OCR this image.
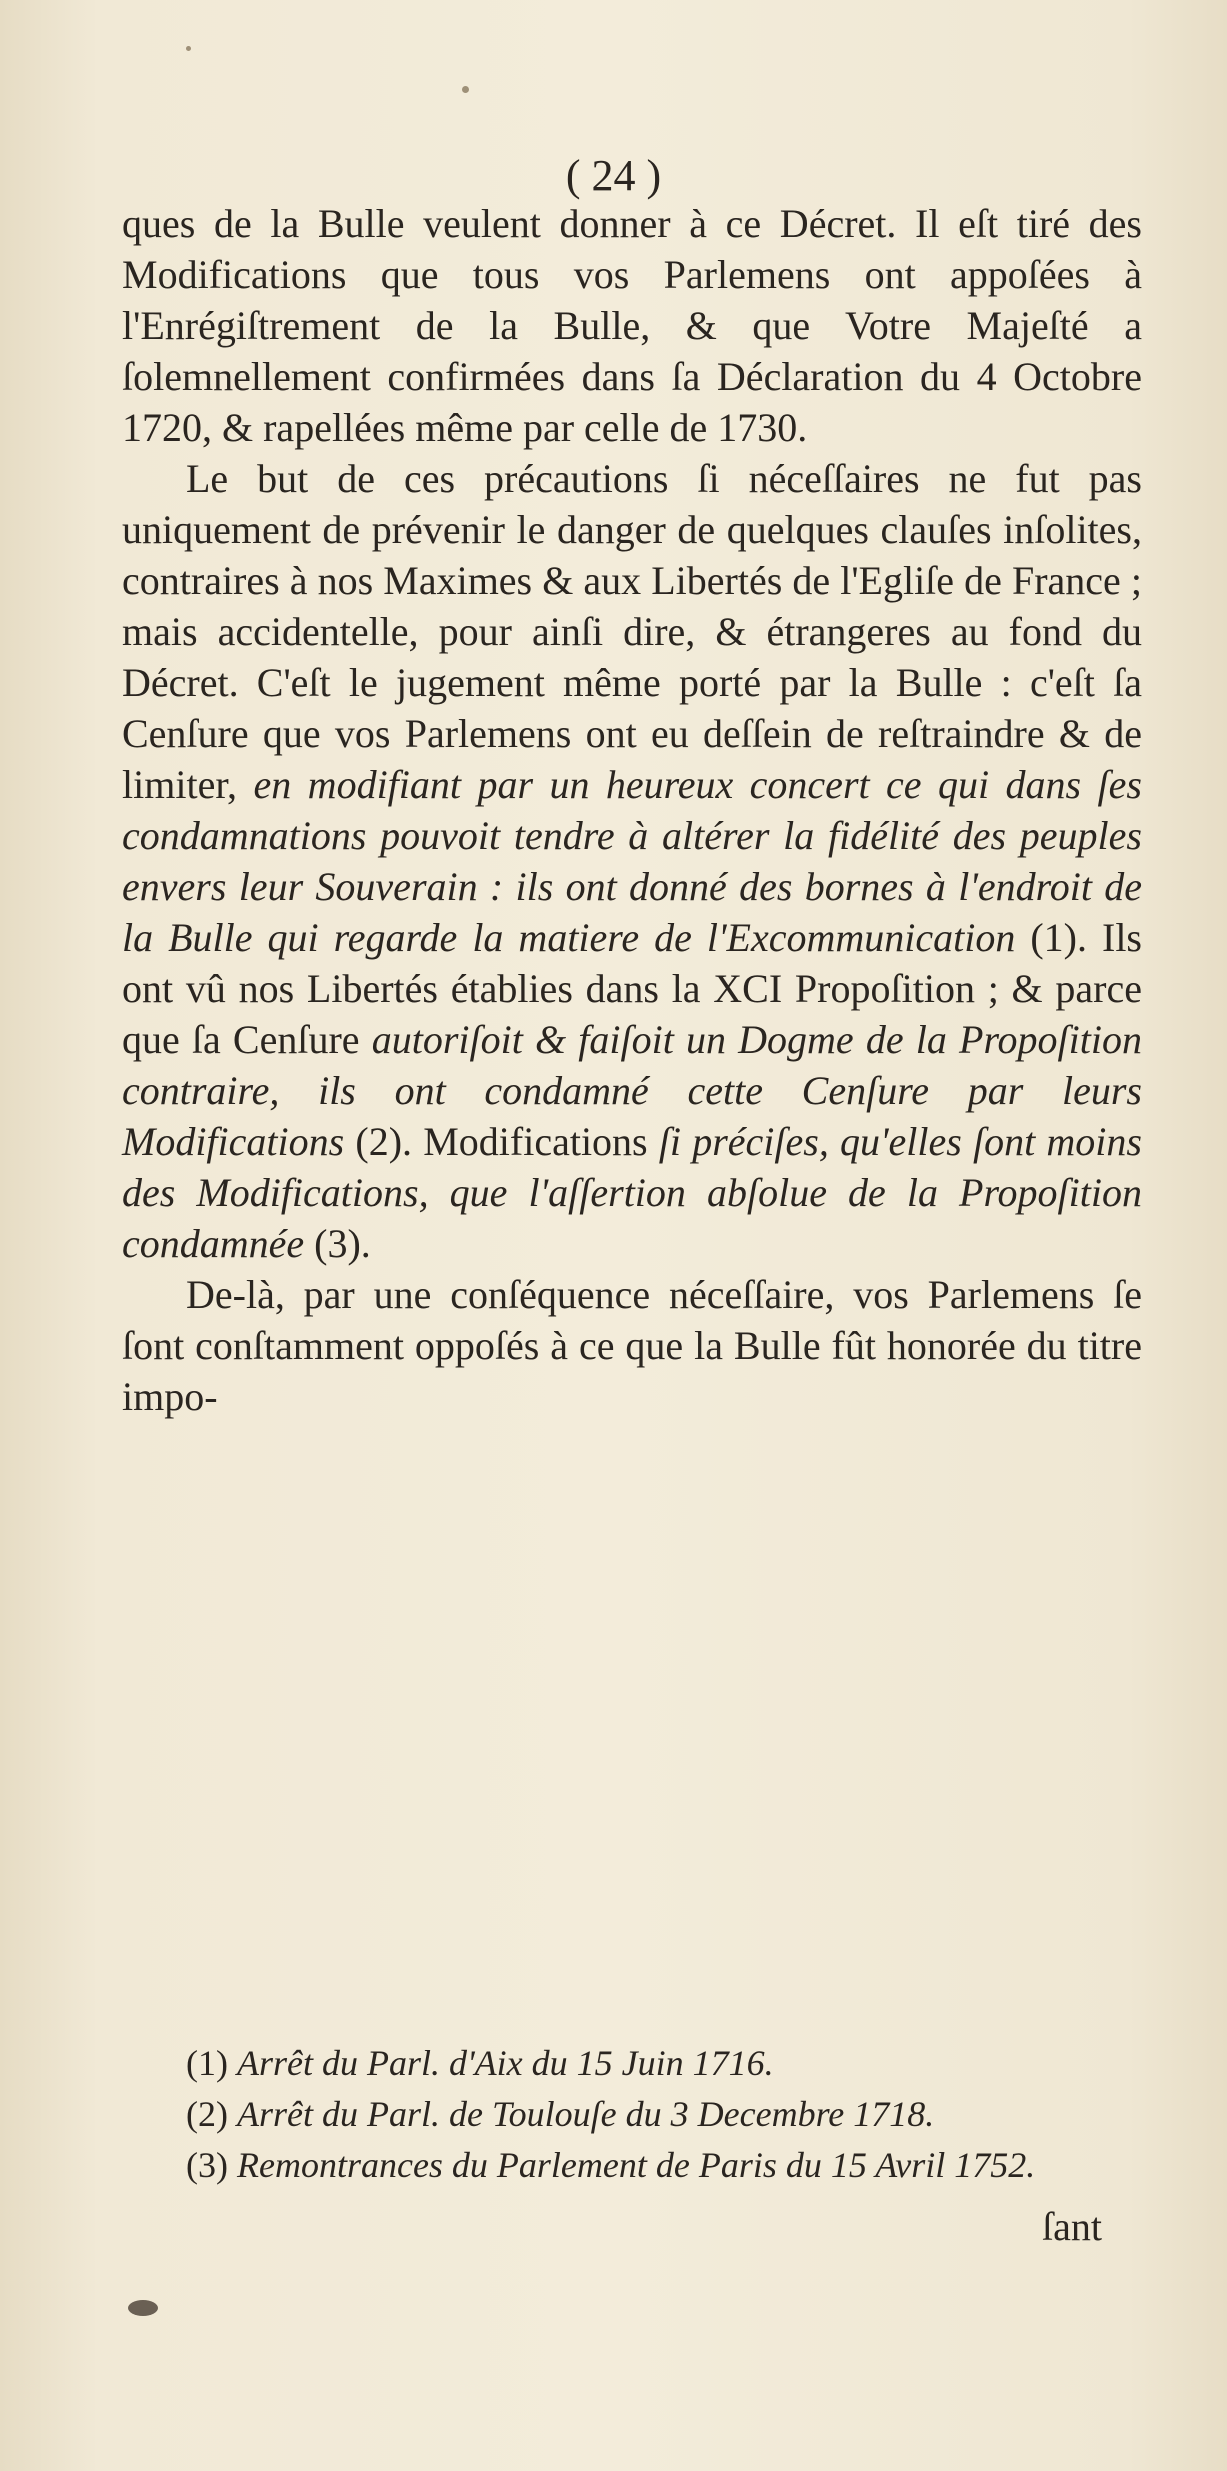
( 24 )

ques de la Bulle veulent donner à ce Décret. Il eſt tiré des Modifications que tous vos Parlemens ont appoſées à l'Enrégiſtrement de la Bulle, & que Votre Majeſté a ſolemnellement confirmées dans ſa Déclaration du 4 Octobre 1720, & rapellées même par celle de 1730.

Le but de ces précautions ſi néceſſaires ne fut pas uniquement de prévenir le danger de quelques clauſes inſolites, contraires à nos Maximes & aux Libertés de l'Egliſe de France ; mais accidentelle, pour ainſi dire, & étrangeres au fond du Décret. C'eſt le jugement même porté par la Bulle : c'eſt ſa Cenſure que vos Parlemens ont eu deſſein de reſtraindre & de limiter, en modifiant par un heureux concert ce qui dans ſes condamnations pouvoit tendre à altérer la fidélité des peuples envers leur Souverain : ils ont donné des bornes à l'endroit de la Bulle qui regarde la matiere de l'Excommunication (1). Ils ont vû nos Libertés établies dans la XCI Propoſition ; & parce que ſa Cenſure autoriſoit & faiſoit un Dogme de la Propoſition contraire, ils ont condamné cette Cenſure par leurs Modifications (2). Modifications ſi préciſes, qu'elles ſont moins des Modifications, que l'aſſertion abſolue de la Propoſition condamnée (3).

De-là, par une conſéquence néceſſaire, vos Parlemens ſe ſont conſtamment oppoſés à ce que la Bulle fût honorée du titre impo-

(1) Arrêt du Parl. d'Aix du 15 Juin 1716.

(2) Arrêt du Parl. de Toulouſe du 3 Decembre 1718.

(3) Remontrances du Parlement de Paris du 15 Avril 1752.

ſant
